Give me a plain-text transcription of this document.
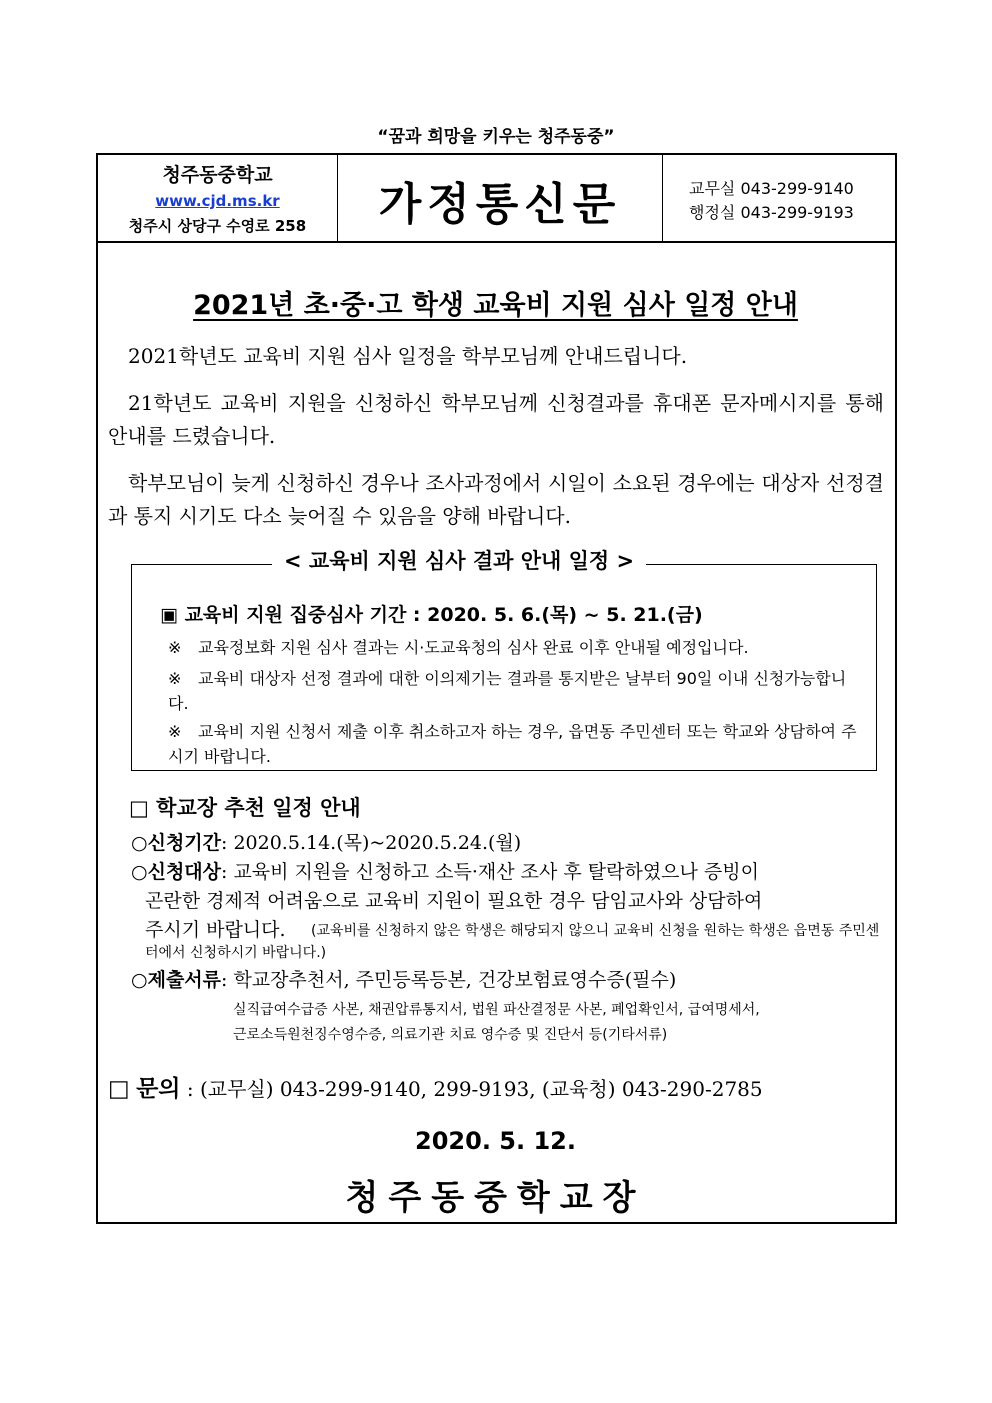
“꿈과 희망을 키우는 청주동중”
청주동중학교
www.cjd.ms.kr
청주시 상당구 수영로 258	가정통신문	교무실 043-299-9140
행정실 043-299-9193
2021년 초·중·고 학생 교육비 지원 심사 일정 안내
2021학년도 교육비 지원 심사 일정을 학부모님께 안내드립니다.
21학년도 교육비 지원을 신청하신 학부모님께 신청결과를 휴대폰 문자메시지를 통해 안내를 드렸습니다.
학부모님이 늦게 신청하신 경우나 조사과정에서 시일이 소요된 경우에는 대상자 선정결과 통지 시기도 다소 늦어질 수 있음을 양해 바랍니다.
< 교육비 지원 심사 결과 안내 일정 >
▣ 교육비 지원 집중심사 기간 : 2020. 5. 6.(목) ~ 5. 21.(금)
※ 교육정보화 지원 심사 결과는 시·도교육청의 심사 완료 이후 안내될 예정입니다.
※ 교육비 대상자 선정 결과에 대한 이의제기는 결과를 통지받은 날부터 90일 이내 신청가능합니다.
※ 교육비 지원 신청서 제출 이후 취소하고자 하는 경우, 읍면동 주민센터 또는 학교와 상담하여 주시기 바랍니다.
□ 학교장 추천 일정 안내
○신청기간: 2020.5.14.(목)~2020.5.24.(월)
○신청대상: 교육비 지원을 신청하고 소득·재산 조사 후 탈락하였으나 증빙이
곤란한 경제적 어려움으로 교육비 지원이 필요한 경우 담임교사와 상담하여
주시기 바랍니다.	(교육비를 신청하지 않은 학생은 해당되지 않으니 교육비 신청을 원하는 학생은 읍면동 주민센터에서 신청하시기 바랍니다.)
○제출서류: 학교장추천서, 주민등록등본, 건강보험료영수증(필수)
실직급여수급증 사본, 채권압류통지서, 법원 파산결정문 사본, 폐업확인서, 급여명세서,
근로소득원천징수영수증, 의료기관 치료 영수증 및 진단서 등(기타서류)
□ 문의 : (교무실) 043-299-9140, 299-9193, (교육청) 043-290-2785
2020. 5. 12.
청주동중학교장
